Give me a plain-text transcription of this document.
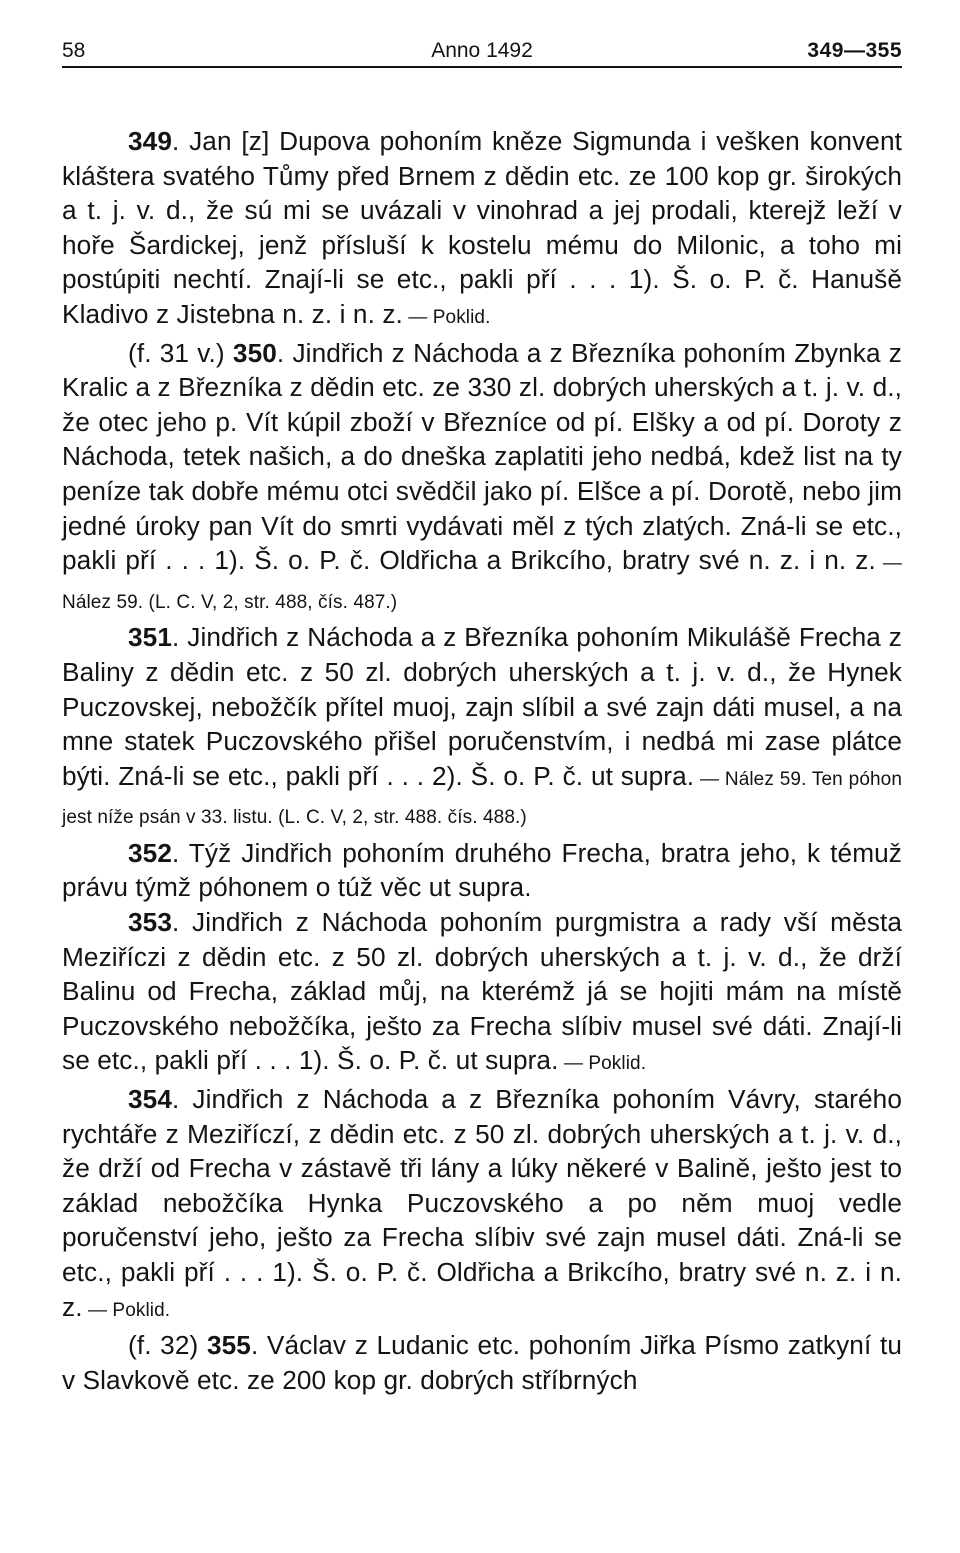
58	Anno 1492	349—355

349. Jan [z] Dupova pohoním kněze Sigmunda i vešken konvent kláštera svatého Tůmy před Brnem z dědin etc. ze 100 kop gr. širokých a t. j. v. d., že sú mi se uvázali v vinohrad a jej prodali, kterejž leží v hoře Šardickej, jenž přísluší k kostelu mému do Milonic, a toho mi postúpiti nechtí. Znají-li se etc., pakli pří . . . 1). Š. o. P. č. Hanušě Kladivo z Jistebna n. z. i n. z. — Poklid.

(f. 31 v.) 350. Jindřich z Náchoda a z Březníka pohoním Zbynka z Kralic a z Březníka z dědin etc. ze 330 zl. dobrých uherských a t. j. v. d., že otec jeho p. Vít kúpil zboží v Březníce od pí. Elšky a od pí. Doroty z Náchoda, tetek našich, a do dneška zaplatiti jeho nedbá, kdež list na ty peníze tak dobře mému otci svědčil jako pí. Elšce a pí. Dorotě, nebo jim jedné úroky pan Vít do smrti vydávati měl z tých zlatých. Zná-li se etc., pakli pří . . . 1). Š. o. P. č. Oldřicha a Brikcího, bratry své n. z. i n. z. — Nález 59. (L. C. V, 2, str. 488, čís. 487.)

351. Jindřich z Náchoda a z Březníka pohoním Mikulášě Frecha z Baliny z dědin etc. z 50 zl. dobrých uherských a t. j. v. d., že Hynek Puczovskej, nebožčík přítel muoj, zajn slíbil a své zajn dáti musel, a na mne statek Puczovského přišel poručenstvím, i nedbá mi zase plátce býti. Zná-li se etc., pakli pří . . . 2). Š. o. P. č. ut supra. — Nález 59. Ten póhon jest níže psán v 33. listu. (L. C. V, 2, str. 488. čís. 488.)

352. Týž Jindřich pohoním druhého Frecha, bratra jeho, k témuž právu týmž póhonem o túž věc ut supra.

353. Jindřich z Náchoda pohoním purgmistra a rady vší města Meziříczi z dědin etc. z 50 zl. dobrých uherských a t. j. v. d., že drží Balinu od Frecha, základ můj, na kterémž já se hojiti mám na místě Puczovského nebožčíka, ješto za Frecha slíbiv musel své dáti. Znají-li se etc., pakli pří . . . 1). Š. o. P. č. ut supra. — Poklid.

354. Jindřich z Náchoda a z Březníka pohoním Vávry, starého rychtáře z Meziříczí, z dědin etc. z 50 zl. dobrých uherských a t. j. v. d., že drží od Frecha v zástavě tři lány a lúky někeré v Balině, ješto jest to základ nebožčíka Hynka Puczovského a po něm muoj vedle poručenství jeho, ješto za Frecha slíbiv své zajn musel dáti. Zná-li se etc., pakli pří . . . 1). Š. o. P. č. Oldřicha a Brikcího, bratry své n. z. i n. z. — Poklid.

(f. 32) 355. Václav z Ludanic etc. pohoním Jiřka Písmo zatkyní tu v Slavkově etc. ze 200 kop gr. dobrých stříbrných
